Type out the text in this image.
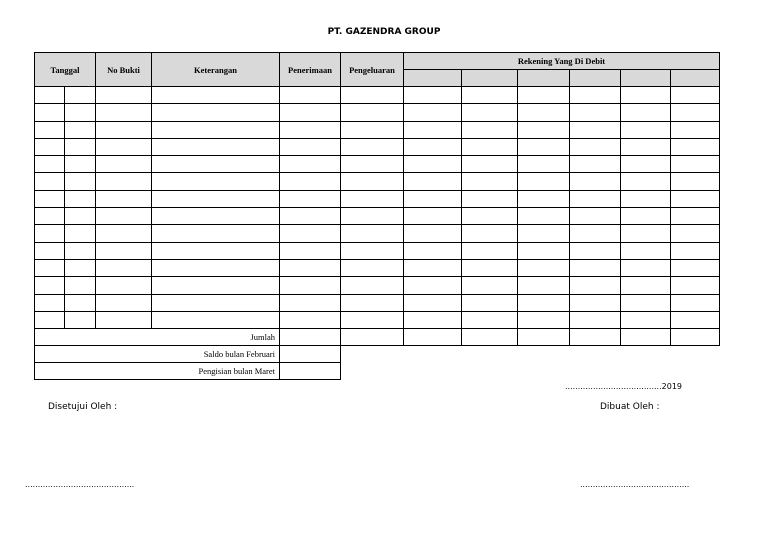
PT. GAZENDRA GROUP
Tanggal		No Bukti	Keterangan	Penerimaan	Pengeluaran	Rekening Yang Di Debit					

Jumlah											
Saldo bulan Februari											
Pengisian bulan Maret											
......................................2019
Disetujui Oleh :	Dibuat Oleh :
...........................................	...........................................
